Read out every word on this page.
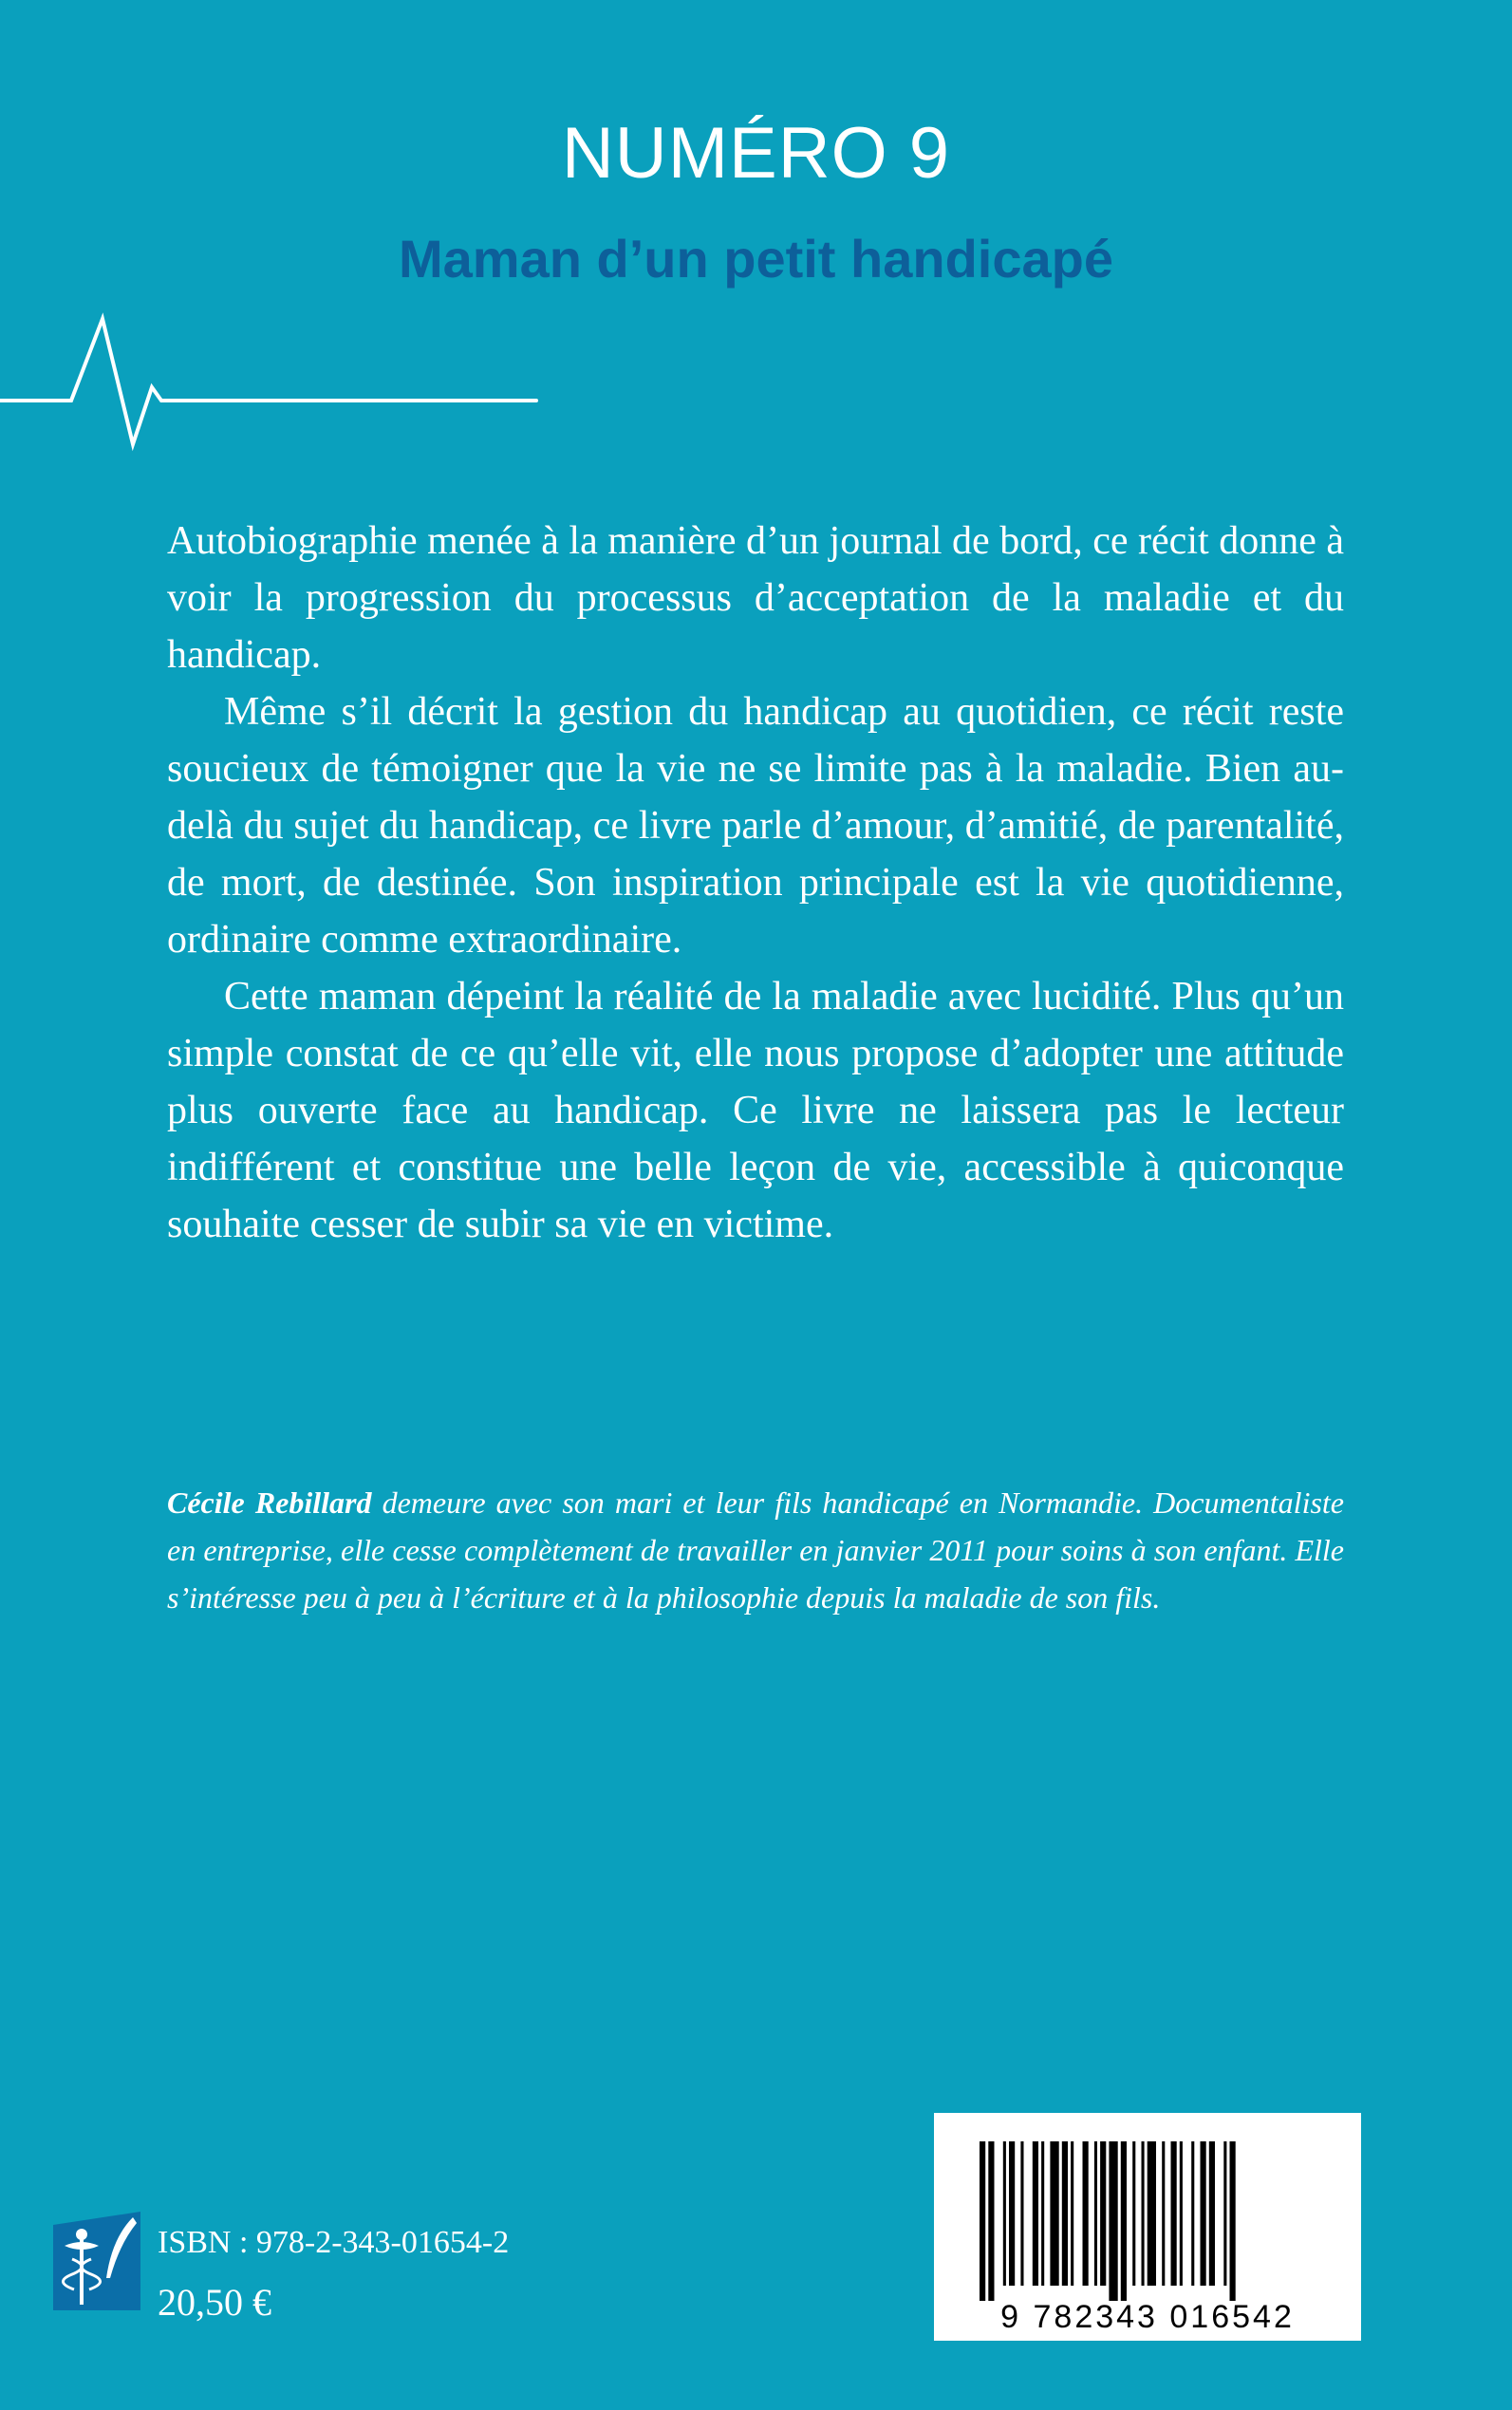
NUMÉRO 9
Maman d’un petit handicapé

Autobiographie menée à la manière d’un journal de bord, ce récit donne à voir la progression du processus d’acceptation de la maladie et du handicap.

Même s’il décrit la gestion du handicap au quotidien, ce récit reste soucieux de témoigner que la vie ne se limite pas à la maladie. Bien au-delà du sujet du handicap, ce livre parle d’amour, d’amitié, de parentalité, de mort, de destinée. Son inspiration principale est la vie quotidienne, ordinaire comme extraordinaire.

Cette maman dépeint la réalité de la maladie avec lucidité. Plus qu’un simple constat de ce qu’elle vit, elle nous propose d’adopter une attitude plus ouverte face au handicap. Ce livre ne laissera pas le lecteur indifférent et constitue une belle leçon de vie, accessible à quiconque souhaite cesser de subir sa vie en victime.

Cécile Rebillard demeure avec son mari et leur fils handicapé en Normandie. Documentaliste en entreprise, elle cesse complètement de travailler en janvier 2011 pour soins à son enfant. Elle s’intéresse peu à peu à l’écriture et à la philosophie depuis la maladie de son fils.
ISBN : 978-2-343-01654-2
20,50 €	9 782343 016542
